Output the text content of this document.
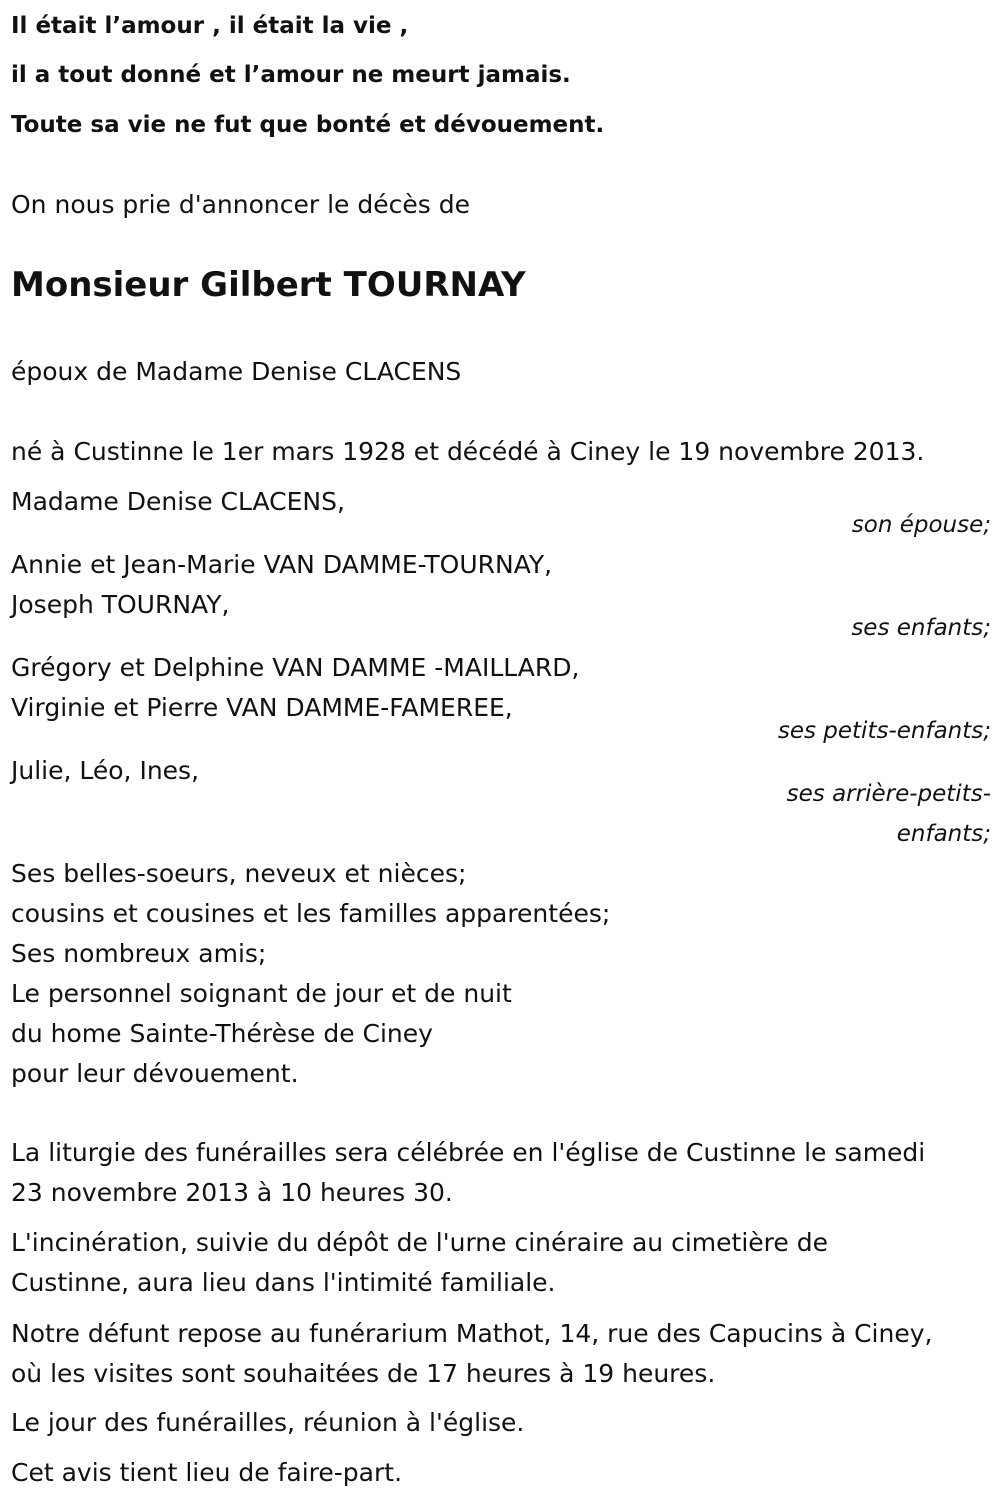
Il était l’amour , il était la vie ,
il a tout donné et l’amour ne meurt jamais.
Toute sa vie ne fut que bonté et dévouement.
On nous prie d'annoncer le décès de
Monsieur Gilbert TOURNAY
époux de Madame Denise CLACENS
né à Custinne le 1er mars 1928 et décédé à Ciney le 19 novembre 2013.
Madame Denise CLACENS,
son épouse;
Annie et Jean-Marie VAN DAMME-TOURNAY,
Joseph TOURNAY,
ses enfants;
Grégory et Delphine VAN DAMME -MAILLARD,
Virginie et Pierre VAN DAMME-FAMEREE,
ses petits-enfants;
Julie, Léo, Ines,
ses arrière-petits-
enfants;
Ses belles-soeurs, neveux et nièces;
cousins et cousines et les familles apparentées;
Ses nombreux amis;
Le personnel soignant de jour et de nuit
du home Sainte-Thérèse de Ciney
pour leur dévouement.
La liturgie des funérailles sera célébrée en l'église de Custinne le samedi
23 novembre 2013 à 10 heures 30.
L'incinération, suivie du dépôt de l'urne cinéraire au cimetière de
Custinne, aura lieu dans l'intimité familiale.
Notre défunt repose au funérarium Mathot, 14, rue des Capucins à Ciney,
où les visites sont souhaitées de 17 heures à 19 heures.
Le jour des funérailles, réunion à l'église.
Cet avis tient lieu de faire-part.
